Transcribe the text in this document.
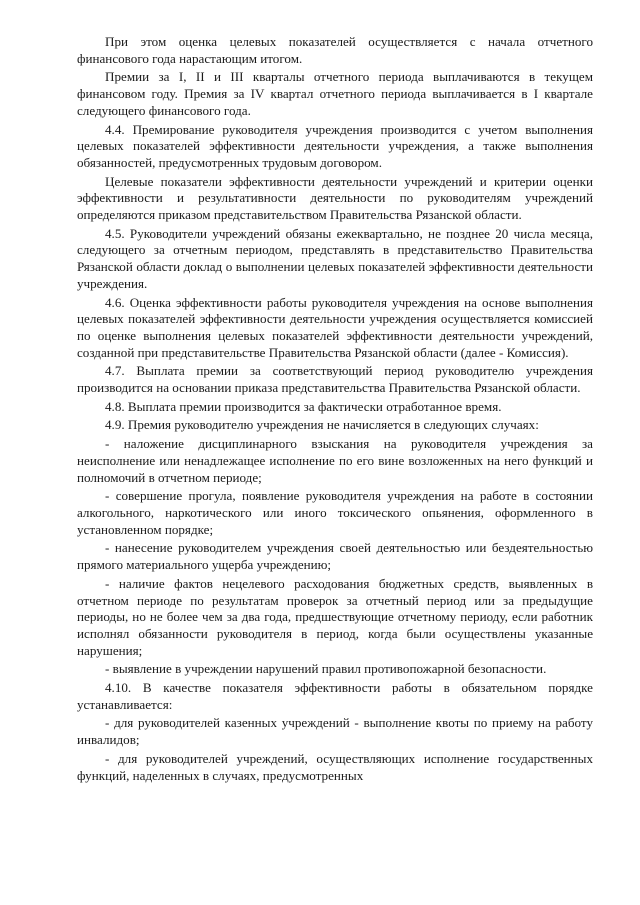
При этом оценка целевых показателей осуществляется с начала отчетного финансового года нарастающим итогом.

Премии за I, II и III кварталы отчетного периода выплачиваются в текущем финансовом году. Премия за IV квартал отчетного периода выплачивается в I квартале следующего финансового года.

4.4. Премирование руководителя учреждения производится с учетом выполнения целевых показателей эффективности деятельности учреждения, а также выполнения обязанностей, предусмотренных трудовым договором.

Целевые показатели эффективности деятельности учреждений и критерии оценки эффективности и результативности деятельности по руководителям учреждений определяются приказом представительством Правительства Рязанской области.

4.5. Руководители учреждений обязаны ежеквартально, не позднее 20 числа месяца, следующего за отчетным периодом, представлять в представительство Правительства Рязанской области доклад о выполнении целевых показателей эффективности деятельности учреждения.

4.6. Оценка эффективности работы руководителя учреждения на основе выполнения целевых показателей эффективности деятельности учреждения осуществляется комиссией по оценке выполнения целевых показателей эффективности деятельности учреждений, созданной при представительстве Правительства Рязанской области (далее - Комиссия).

4.7. Выплата премии за соответствующий период руководителю учреждения производится на основании приказа представительства Правительства Рязанской области.

4.8. Выплата премии производится за фактически отработанное время.

4.9. Премия руководителю учреждения не начисляется в следующих случаях:

- наложение дисциплинарного взыскания на руководителя учреждения за неисполнение или ненадлежащее исполнение по его вине возложенных на него функций и полномочий в отчетном периоде;

- совершение прогула, появление руководителя учреждения на работе в состоянии алкогольного, наркотического или иного токсического опьянения, оформленного в установленном порядке;

- нанесение руководителем учреждения своей деятельностью или бездеятельностью прямого материального ущерба учреждению;

- наличие фактов нецелевого расходования бюджетных средств, выявленных в отчетном периоде по результатам проверок за отчетный период или за предыдущие периоды, но не более чем за два года, предшествующие отчетному периоду, если работник исполнял обязанности руководителя в период, когда были осуществлены указанные нарушения;

- выявление в учреждении нарушений правил противопожарной безопасности.

4.10. В качестве показателя эффективности работы в обязательном порядке устанавливается:

- для руководителей казенных учреждений - выполнение квоты по приему на работу инвалидов;

- для руководителей учреждений, осуществляющих исполнение государственных функций, наделенных в случаях, предусмотренных
